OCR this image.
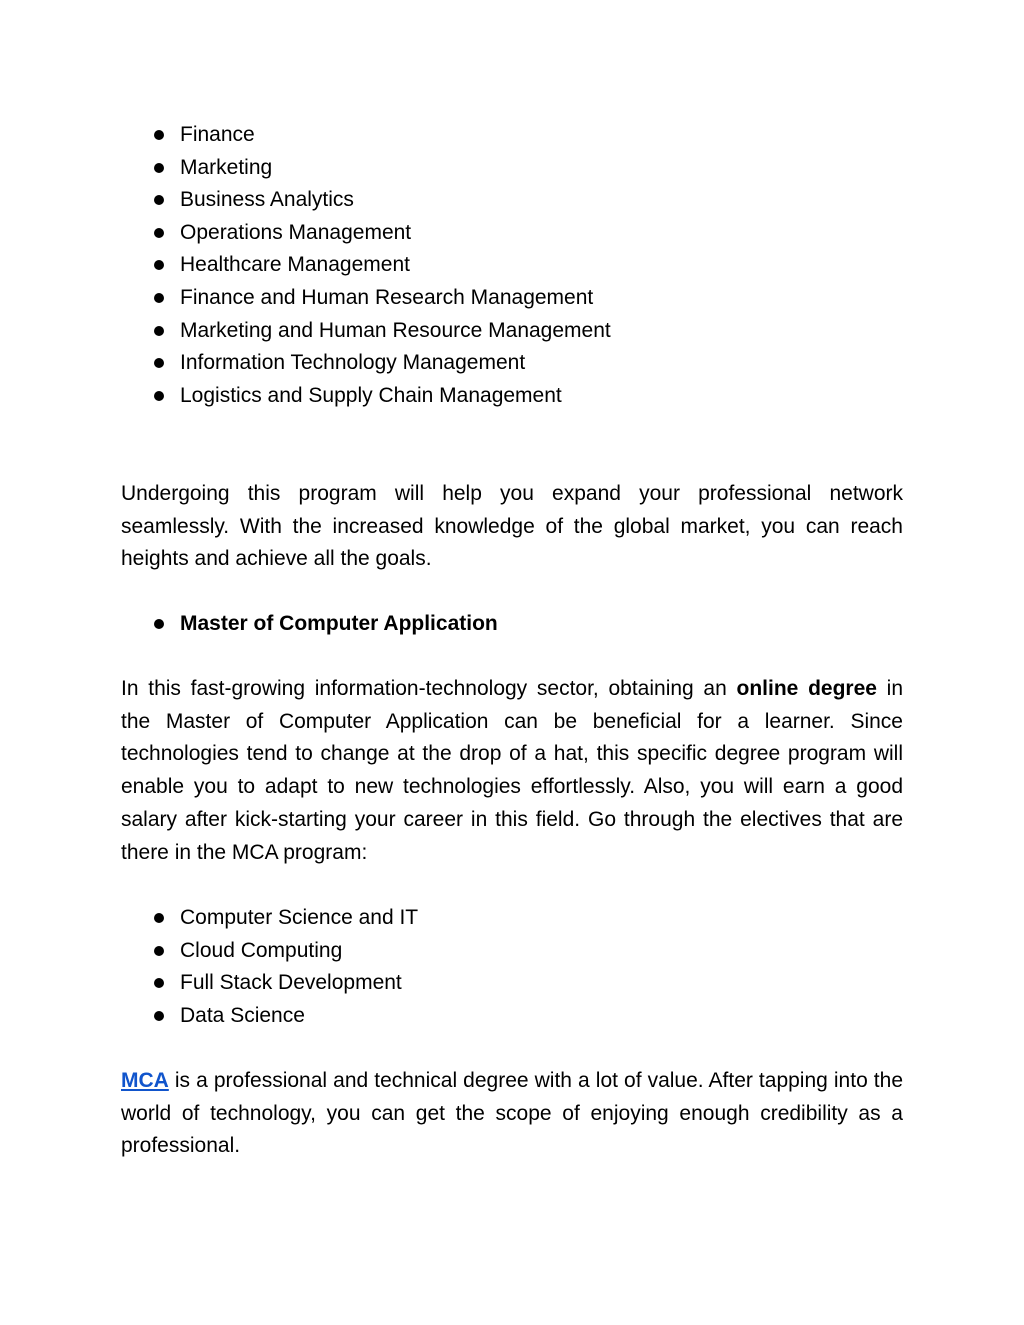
Finance
Marketing
Business Analytics
Operations Management
Healthcare Management
Finance and Human Research Management
Marketing and Human Resource Management
Information Technology Management
Logistics and Supply Chain Management

Undergoing this program will help you expand your professional network seamlessly. With the increased knowledge of the global market, you can reach heights and achieve all the goals.

Master of Computer Application

In this fast-growing information-technology sector, obtaining an online degree in the Master of Computer Application can be beneficial for a learner. Since technologies tend to change at the drop of a hat, this specific degree program will enable you to adapt to new technologies effortlessly. Also, you will earn a good salary after kick-starting your career in this field. Go through the electives that are there in the MCA program:

Computer Science and IT
Cloud Computing
Full Stack Development
Data Science

MCA is a professional and technical degree with a lot of value. After tapping into the world of technology, you can get the scope of enjoying enough credibility as a professional.
